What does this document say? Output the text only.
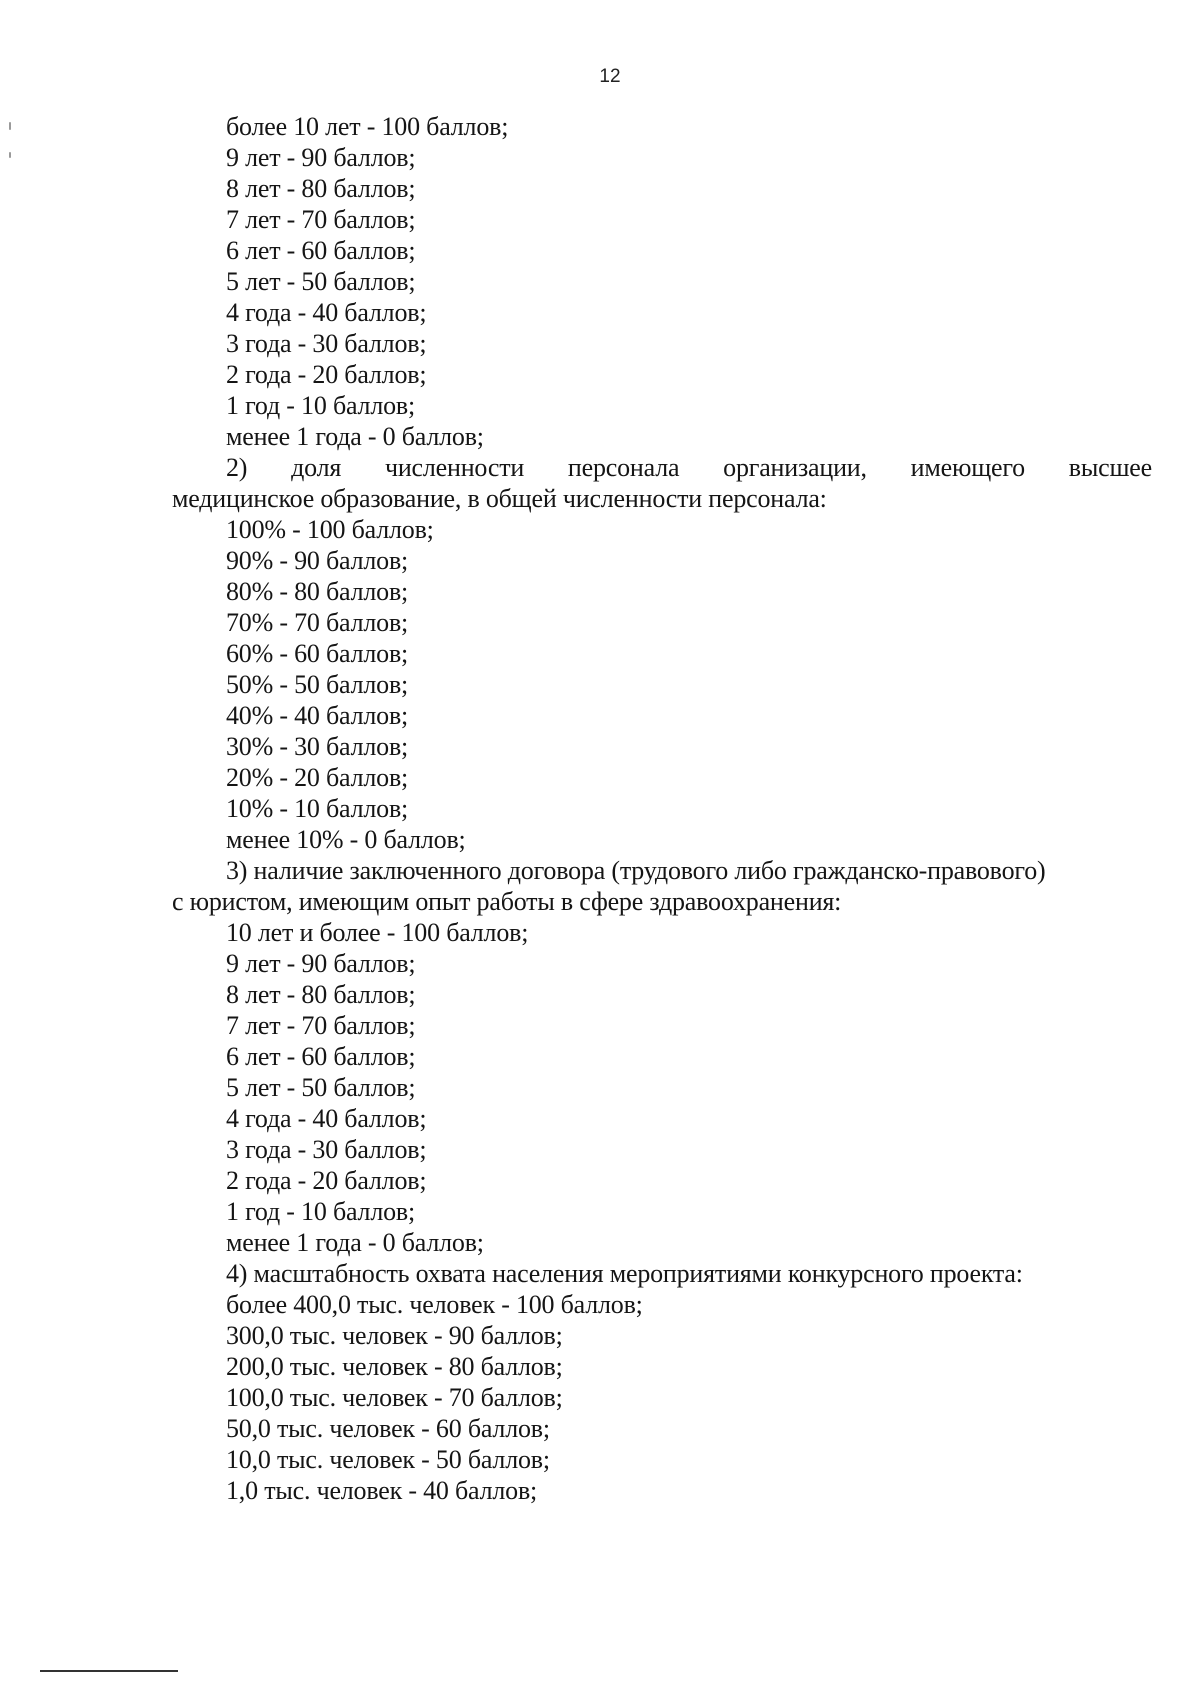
12
более 10 лет - 100 баллов;
9 лет - 90 баллов;
8 лет - 80 баллов;
7 лет - 70 баллов;
6 лет - 60 баллов;
5 лет - 50 баллов;
4 года - 40 баллов;
3 года - 30 баллов;
2 года - 20 баллов;
1 год - 10 баллов;
менее 1 года - 0 баллов;
2) доля численности персонала организации, имеющего высшее
медицинское образование, в общей численности персонала:
100% - 100 баллов;
90% - 90 баллов;
80% - 80 баллов;
70% - 70 баллов;
60% - 60 баллов;
50% - 50 баллов;
40% - 40 баллов;
30% - 30 баллов;
20% - 20 баллов;
10% - 10 баллов;
менее 10% - 0 баллов;
3) наличие заключенного договора (трудового либо гражданско-правового)
с юристом, имеющим опыт работы в сфере здравоохранения:
10 лет и более - 100 баллов;
9 лет - 90 баллов;
8 лет - 80 баллов;
7 лет - 70 баллов;
6 лет - 60 баллов;
5 лет - 50 баллов;
4 года - 40 баллов;
3 года - 30 баллов;
2 года - 20 баллов;
1 год - 10 баллов;
менее 1 года - 0 баллов;
4) масштабность охвата населения мероприятиями конкурсного проекта:
более 400,0 тыс. человек - 100 баллов;
300,0 тыс. человек - 90 баллов;
200,0 тыс. человек - 80 баллов;
100,0 тыс. человек - 70 баллов;
50,0 тыс. человек - 60 баллов;
10,0 тыс. человек - 50 баллов;
1,0 тыс. человек - 40 баллов;
